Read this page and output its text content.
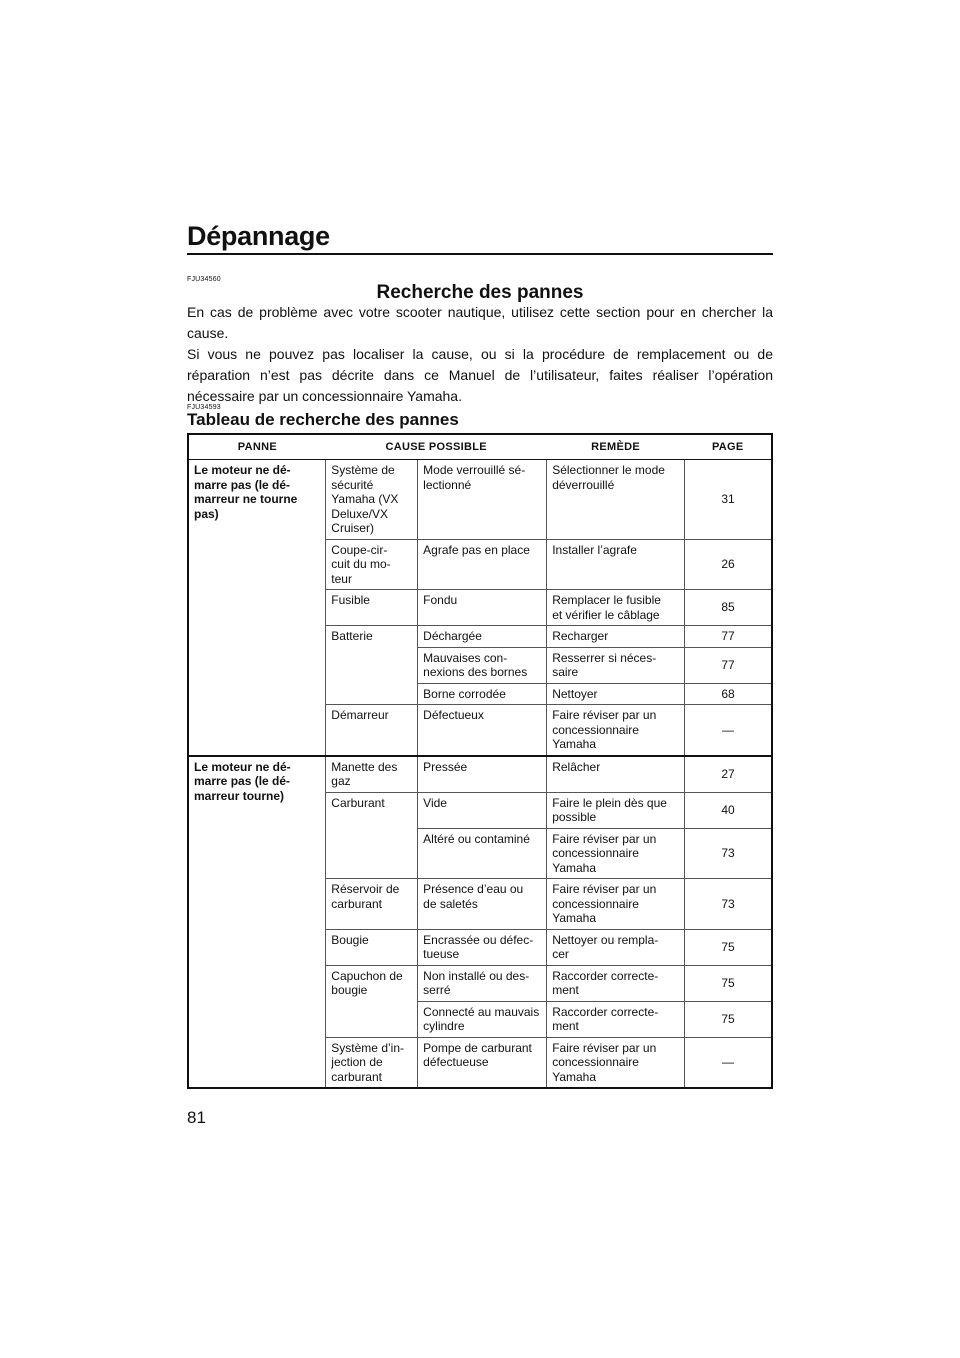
Dépannage
FJU34560
Recherche des pannes
En cas de problème avec votre scooter nautique, utilisez cette section pour en chercher la cause.
Si vous ne pouvez pas localiser la cause, ou si la procédure de remplacement ou de réparation n’est pas décrite dans ce Manuel de l’utilisateur, faites réaliser l’opération nécessaire par un concessionnaire Yamaha.
FJU34593
Tableau de recherche des pannes
PANNE	CAUSE POSSIBLE		REMÈDE	PAGE
Le moteur ne dé-
marre pas (le dé-
marreur ne tourne
pas)	Système de
sécurité
Yamaha (VX
Deluxe/VX
Cruiser)	Mode verrouillé sé-
lectionné	Sélectionner le mode
déverrouillé	31
	Coupe-cir-
cuit du mo-
teur	Agrafe pas en place	Installer l’agrafe	26
	Fusible	Fondu	Remplacer le fusible
et vérifier le câblage	85
	Batterie	Déchargée	Recharger	77
		Mauvaises con-
nexions des bornes	Resserrer si néces-
saire	77
		Borne corrodée	Nettoyer	68
	Démarreur	Défectueux	Faire réviser par un
concessionnaire
Yamaha	—
Le moteur ne dé-
marre pas (le dé-
marreur tourne)	Manette des
gaz	Pressée	Relâcher	27
	Carburant	Vide	Faire le plein dès que
possible	40
		Altéré ou contaminé	Faire réviser par un
concessionnaire
Yamaha	73
	Réservoir de
carburant	Présence d’eau ou
de saletés	Faire réviser par un
concessionnaire
Yamaha	73
	Bougie	Encrassée ou défec-
tueuse	Nettoyer ou rempla-
cer	75
	Capuchon de
bougie	Non installé ou des-
serré	Raccorder correcte-
ment	75
		Connecté au mauvais
cylindre	Raccorder correcte-
ment	75
	Système d’in-
jection de
carburant	Pompe de carburant
défectueuse	Faire réviser par un
concessionnaire
Yamaha	—
81
